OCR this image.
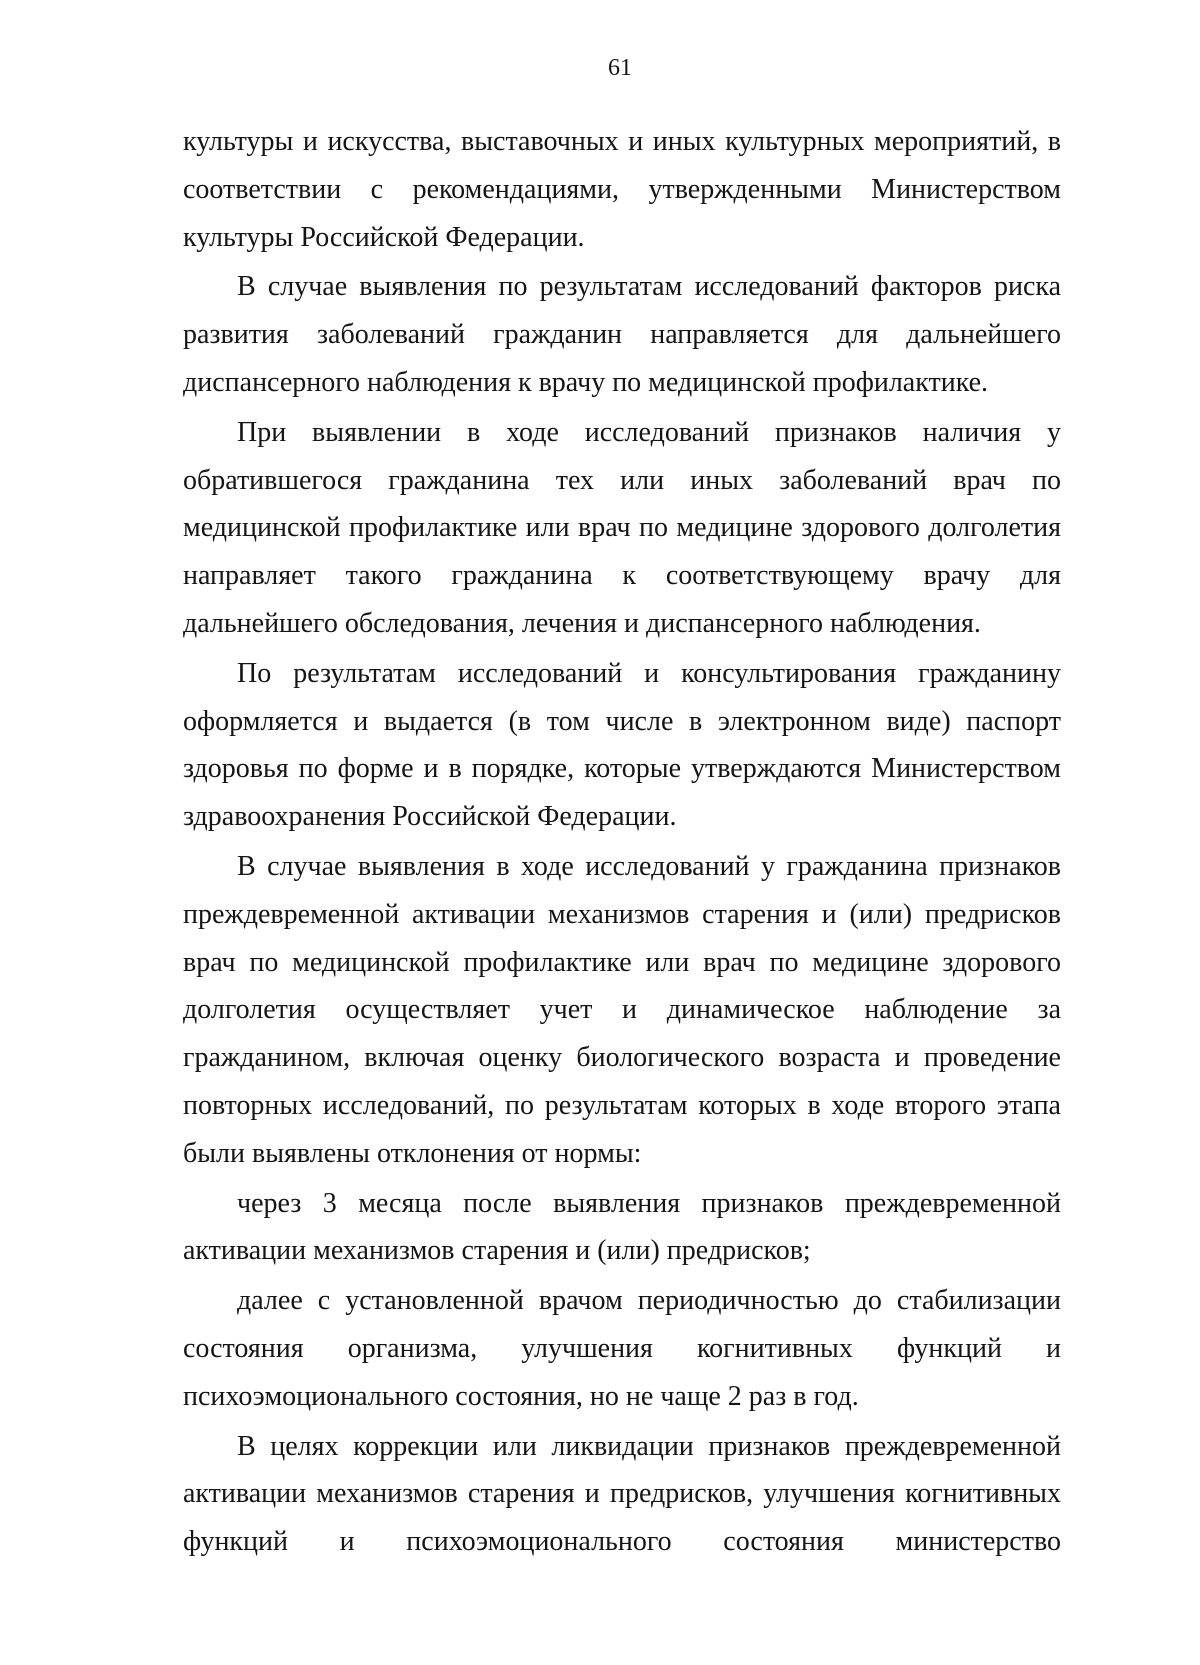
61
культуры и искусства, выставочных и иных культурных мероприятий, в
соответствии с рекомендациями, утвержденными Министерством
культуры Российской Федерации.
В случае выявления по результатам исследований факторов риска
развития заболеваний гражданин направляется для дальнейшего
диспансерного наблюдения к врачу по медицинской профилактике.
При выявлении в ходе исследований признаков наличия у
обратившегося гражданина тех или иных заболеваний врач по
медицинской профилактике или врач по медицине здорового долголетия
направляет такого гражданина к соответствующему врачу для
дальнейшего обследования, лечения и диспансерного наблюдения.
По результатам исследований и консультирования гражданину
оформляется и выдается (в том числе в электронном виде) паспорт
здоровья по форме и в порядке, которые утверждаются Министерством
здравоохранения Российской Федерации.
В случае выявления в ходе исследований у гражданина признаков
преждевременной активации механизмов старения и (или) предрисков
врач по медицинской профилактике или врач по медицине здорового
долголетия осуществляет учет и динамическое наблюдение за
гражданином, включая оценку биологического возраста и проведение
повторных исследований, по результатам которых в ходе второго этапа
были выявлены отклонения от нормы:
через 3 месяца после выявления признаков преждевременной
активации механизмов старения и (или) предрисков;
далее с установленной врачом периодичностью до стабилизации
состояния организма, улучшения когнитивных функций и
психоэмоционального состояния, но не чаще 2 раз в год.
В целях коррекции или ликвидации признаков преждевременной
активации механизмов старения и предрисков, улучшения когнитивных
функций и психоэмоционального состояния министерство
